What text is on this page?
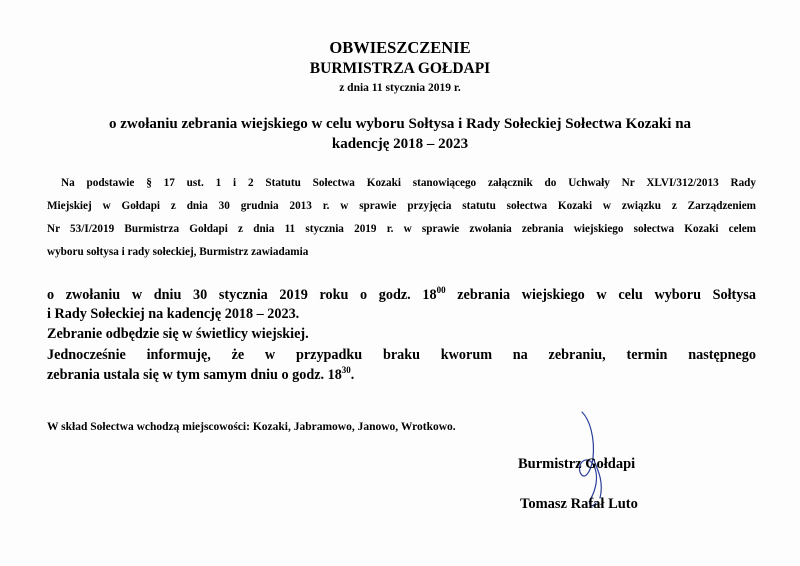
OBWIESZCZENIE
BURMISTRZA GOŁDAPI
z dnia 11 stycznia 2019 r.
o zwołaniu zebrania wiejskiego w celu wyboru Sołtysa i Rady Sołeckiej Sołectwa Kozaki na
kadencję 2018 – 2023
Na podstawie § 17 ust. 1 i 2 Statutu Sołectwa Kozaki stanowiącego załącznik do Uchwały Nr XLVI/312/2013 Rady
Miejskiej w Gołdapi z dnia 30 grudnia 2013 r. w sprawie przyjęcia statutu sołectwa Kozaki w związku z Zarządzeniem
Nr 53/I/2019 Burmistrza Gołdapi z dnia 11 stycznia 2019 r. w sprawie zwołania zebrania wiejskiego sołectwa Kozaki celem
wyboru sołtysa i rady sołeckiej, Burmistrz zawiadamia
o zwołaniu w dniu 30 stycznia 2019 roku o godz. $18^{00}$ zebrania wiejskiego w celu wyboru Sołtysa
i Rady Sołeckiej na kadencję 2018 – 2023.
Zebranie odbędzie się w świetlicy wiejskiej.
Jednocześnie informuję, że w przypadku braku kworum na zebraniu, termin następnego
zebrania ustala się w tym samym dniu o godz. $18^{30}$.
W skład Sołectwa wchodzą miejscowości: Kozaki, Jabramowo, Janowo, Wrotkowo.
Burmistrz Gołdapi
Tomasz Rafał Luto
